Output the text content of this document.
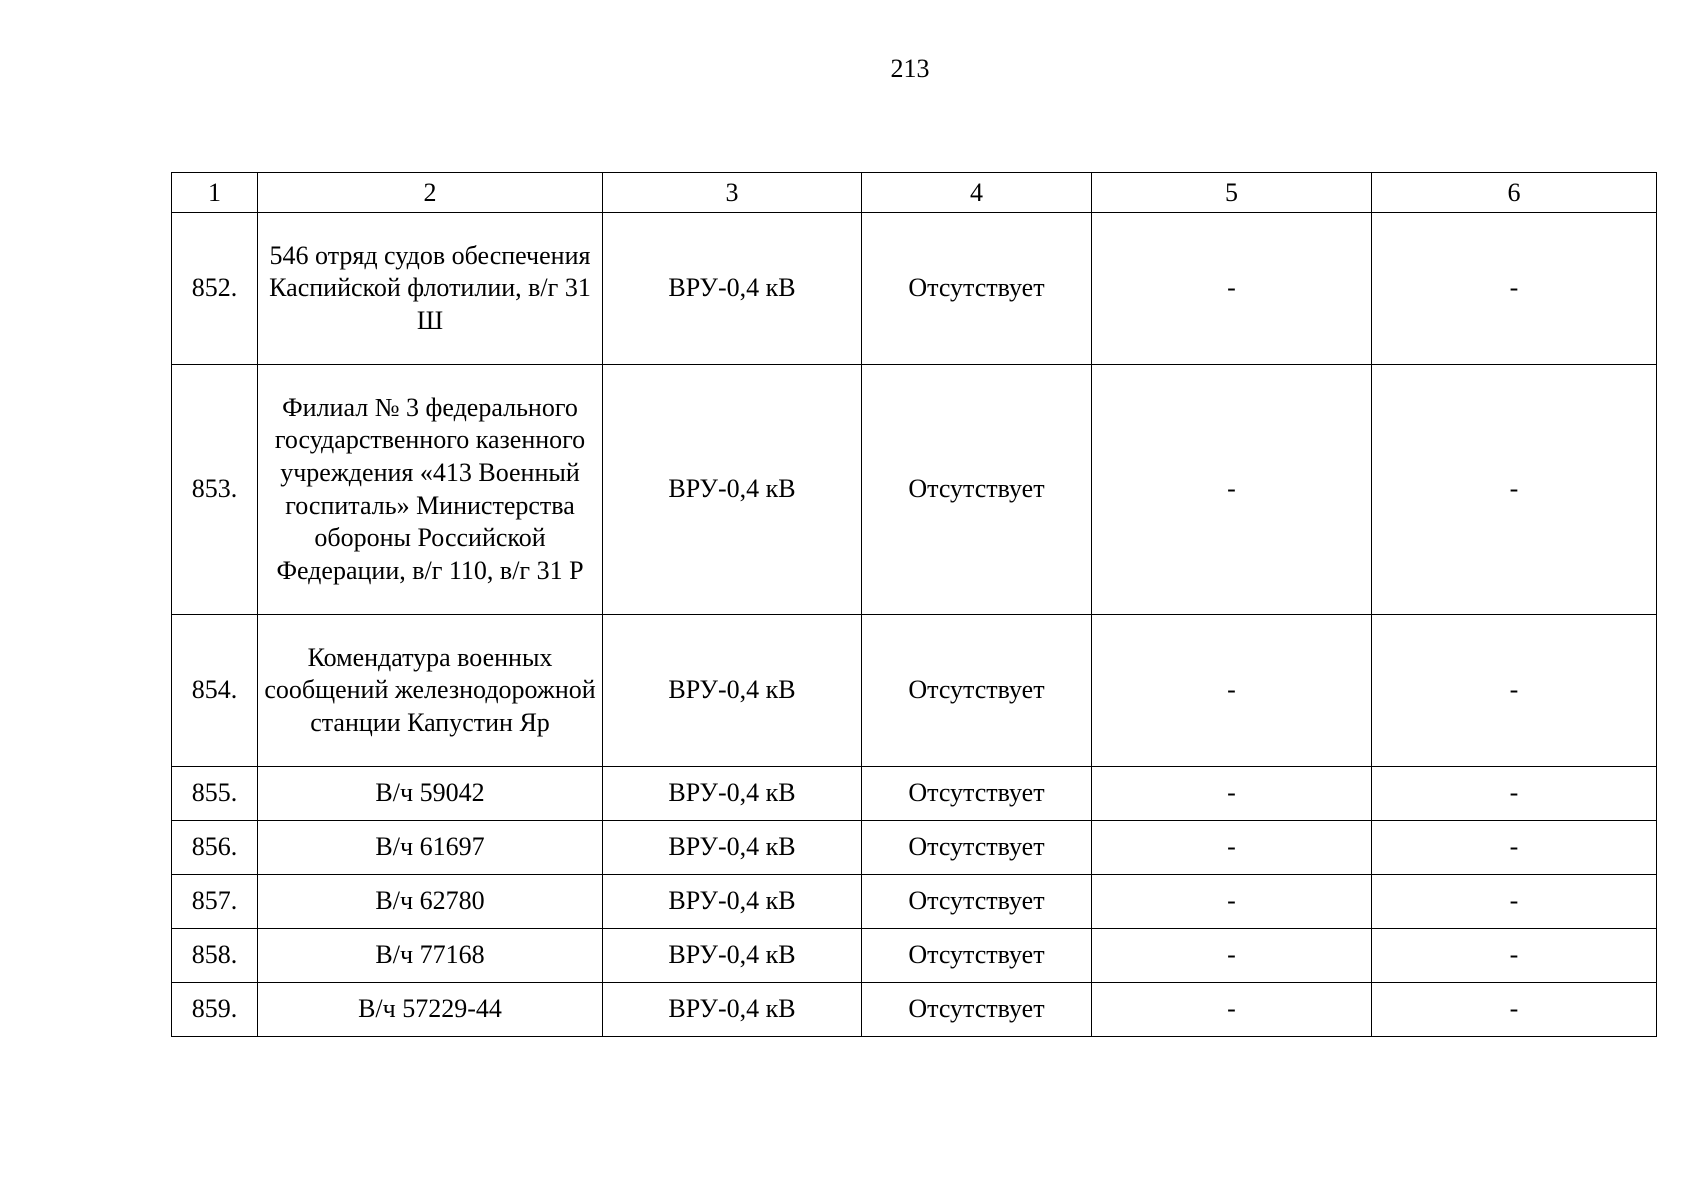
213
1	2	3	4	5	6
852.	546 отряд судов обеспечения Каспийской флотилии, в/г 31 Ш	ВРУ-0,4 кВ	Отсутствует	-	-
853.	Филиал № 3 федерального государственного казенного учреждения «413 Военный госпиталь» Министерства обороны Российской Федерации, в/г 110, в/г 31 Р	ВРУ-0,4 кВ	Отсутствует	-	-
854.	Комендатура военных сообщений железнодорожной станции Капустин Яр	ВРУ-0,4 кВ	Отсутствует	-	-
855.	В/ч 59042	ВРУ-0,4 кВ	Отсутствует	-	-
856.	В/ч 61697	ВРУ-0,4 кВ	Отсутствует	-	-
857.	В/ч 62780	ВРУ-0,4 кВ	Отсутствует	-	-
858.	В/ч 77168	ВРУ-0,4 кВ	Отсутствует	-	-
859.	В/ч 57229-44	ВРУ-0,4 кВ	Отсутствует	-	-
